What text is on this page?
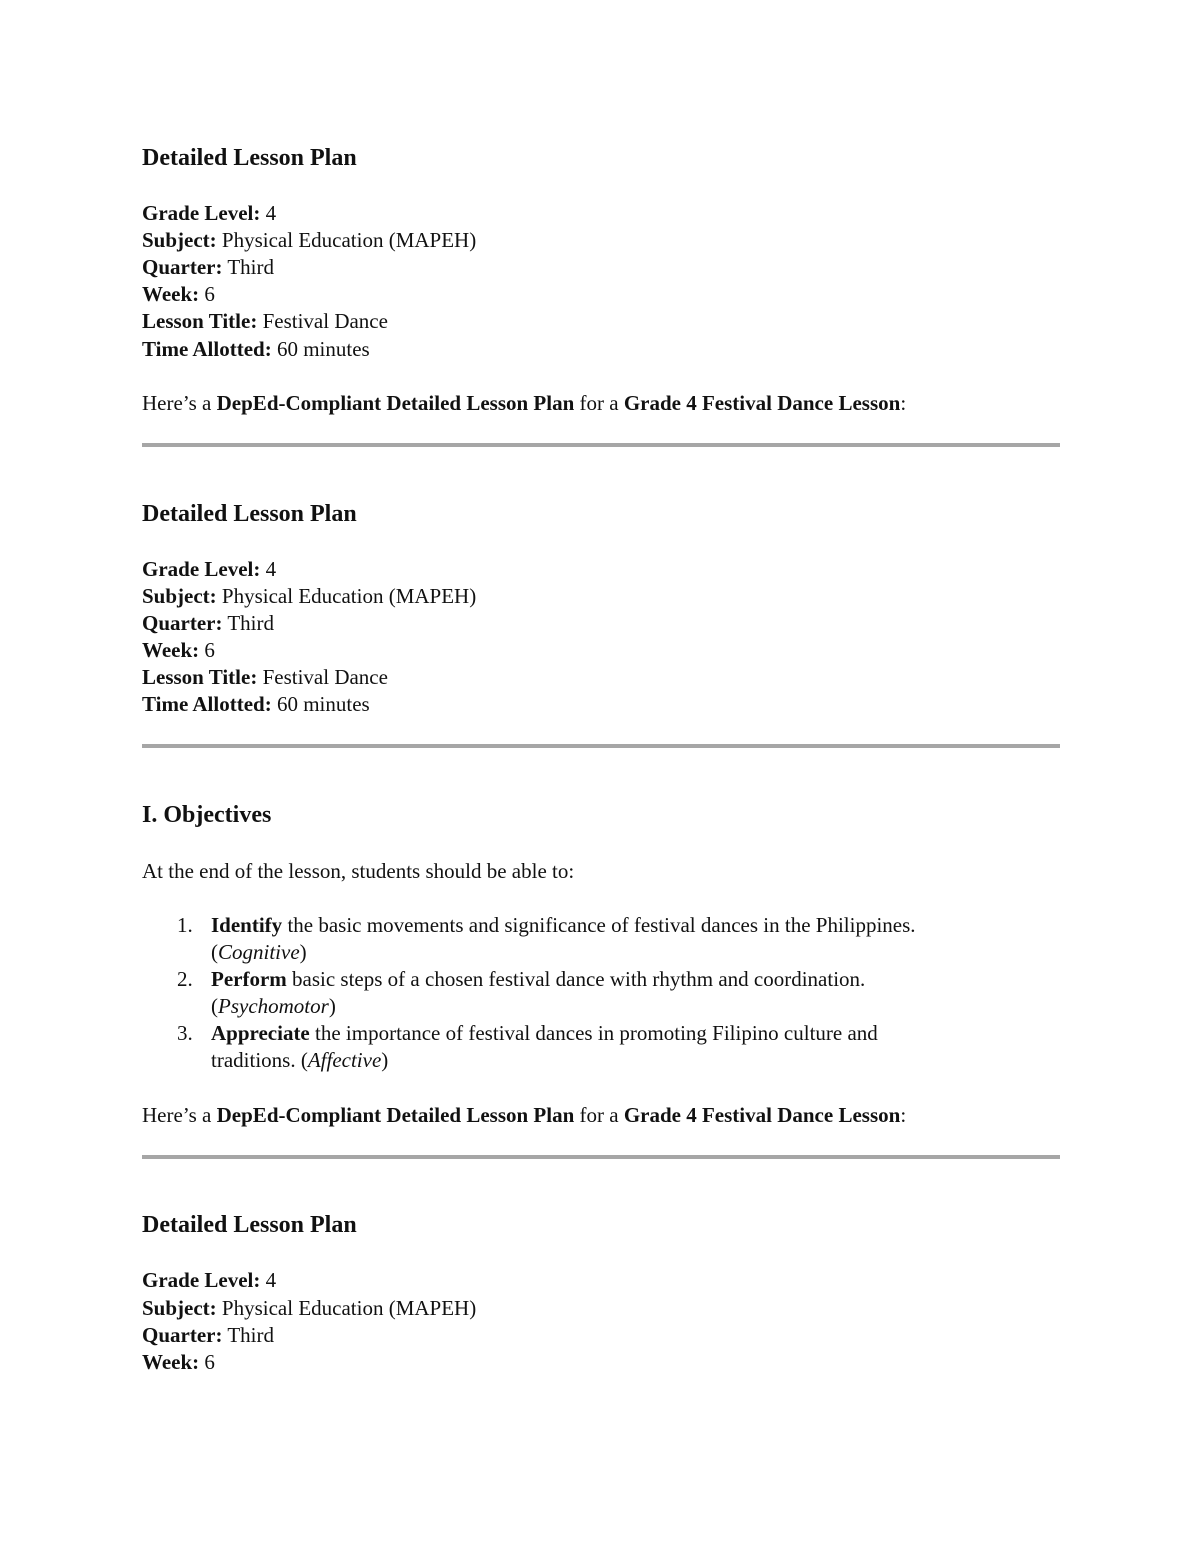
Detailed Lesson Plan
Grade Level: 4
Subject: Physical Education (MAPEH)
Quarter: Third
Week: 6
Lesson Title: Festival Dance
Time Allotted: 60 minutes
Here’s a DepEd-Compliant Detailed Lesson Plan for a Grade 4 Festival Dance Lesson:
Detailed Lesson Plan
Grade Level: 4
Subject: Physical Education (MAPEH)
Quarter: Third
Week: 6
Lesson Title: Festival Dance
Time Allotted: 60 minutes
I. Objectives
At the end of the lesson, students should be able to:
1. Identify the basic movements and significance of festival dances in the Philippines.
(Cognitive)
2. Perform basic steps of a chosen festival dance with rhythm and coordination.
(Psychomotor)
3. Appreciate the importance of festival dances in promoting Filipino culture and
traditions. (Affective)
Here’s a DepEd-Compliant Detailed Lesson Plan for a Grade 4 Festival Dance Lesson:
Detailed Lesson Plan
Grade Level: 4
Subject: Physical Education (MAPEH)
Quarter: Third
Week: 6
